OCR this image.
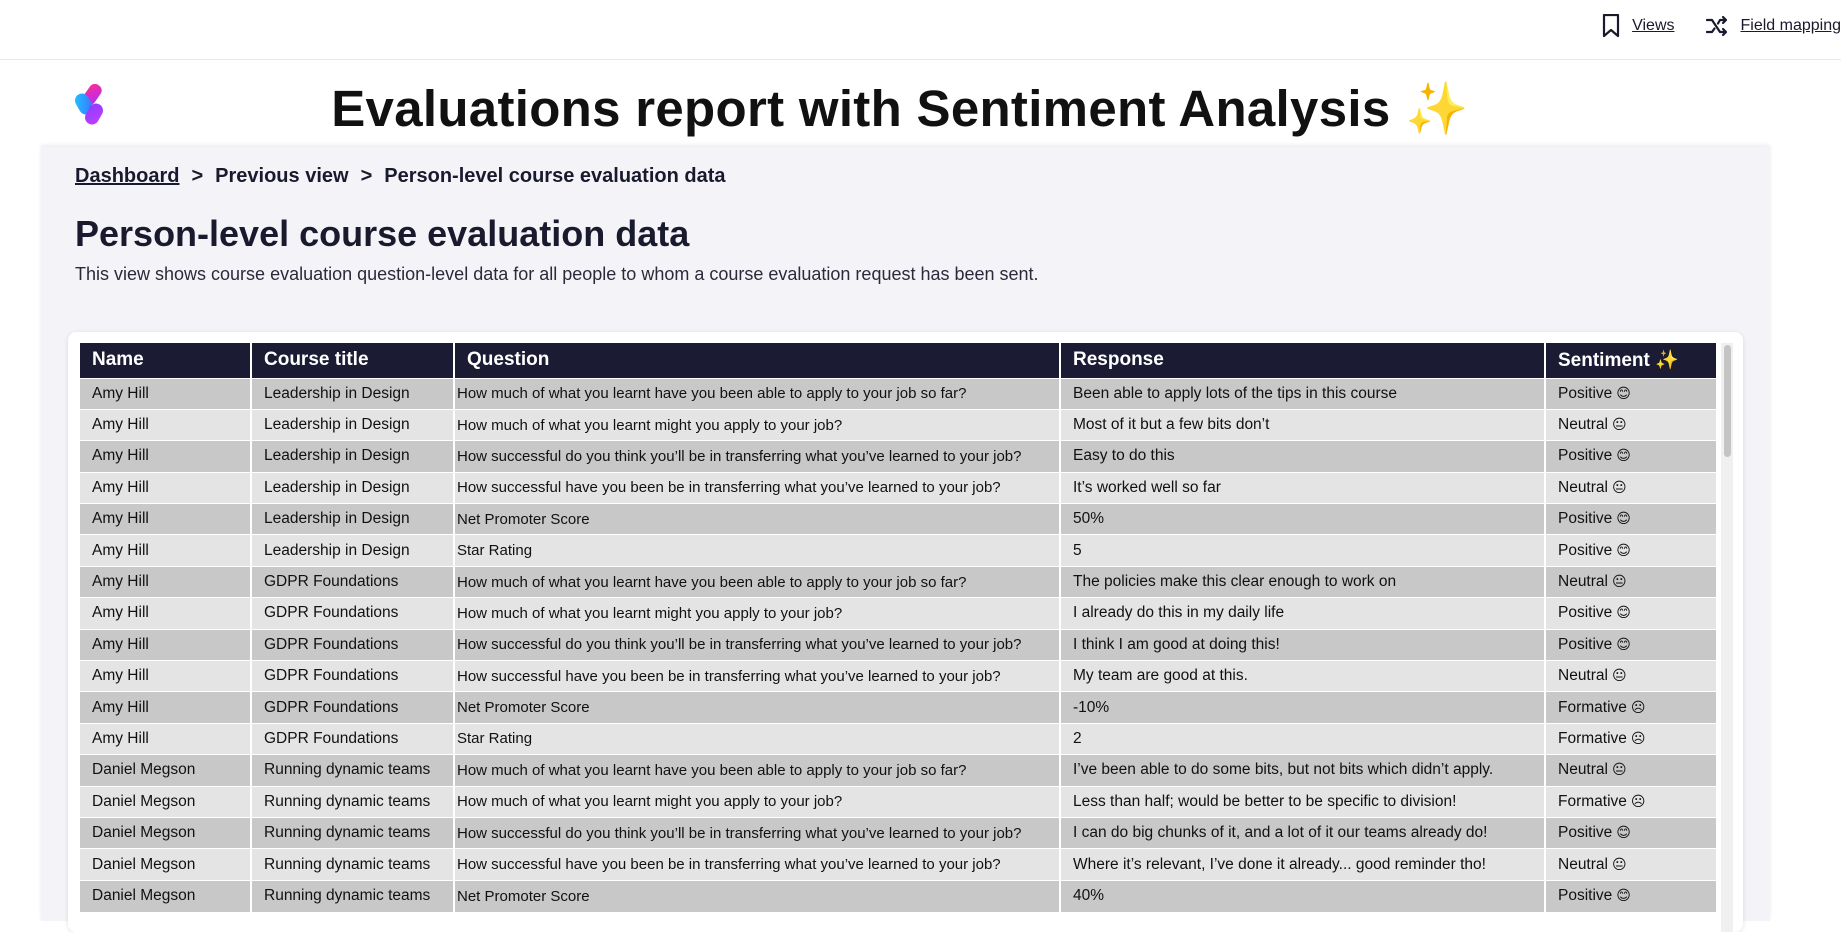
Views	Field mapping
Evaluations report with Sentiment Analysis ✨
Dashboard > Previous view > Person-level course evaluation data
Person-level course evaluation data

This view shows course evaluation question-level data for all people to whom a course evaluation request has been sent.

Name	Course title	Question	Response	Sentiment ✨
Amy Hill	Leadership in Design	How much of what you learnt have you been able to apply to your job so far?	Been able to apply lots of the tips in this course	Positive 😊
Amy Hill	Leadership in Design	How much of what you learnt might you apply to your job?	Most of it but a few bits don’t	Neutral 😐
Amy Hill	Leadership in Design	How successful do you think you’ll be in transferring what you’ve learned to your job?	Easy to do this	Positive 😊
Amy Hill	Leadership in Design	How successful have you been be in transferring what you’ve learned to your job?	It’s worked well so far	Neutral 😐
Amy Hill	Leadership in Design	Net Promoter Score	50%	Positive 😊
Amy Hill	Leadership in Design	Star Rating	5	Positive 😊
Amy Hill	GDPR Foundations	How much of what you learnt have you been able to apply to your job so far?	The policies make this clear enough to work on	Neutral 😐
Amy Hill	GDPR Foundations	How much of what you learnt might you apply to your job?	I already do this in my daily life	Positive 😊
Amy Hill	GDPR Foundations	How successful do you think you’ll be in transferring what you’ve learned to your job?	I think I am good at doing this!	Positive 😊
Amy Hill	GDPR Foundations	How successful have you been be in transferring what you’ve learned to your job?	My team are good at this.	Neutral 😐
Amy Hill	GDPR Foundations	Net Promoter Score	-10%	Formative ☹
Amy Hill	GDPR Foundations	Star Rating	2	Formative ☹
Daniel Megson	Running dynamic teams	How much of what you learnt have you been able to apply to your job so far?	I’ve been able to do some bits, but not bits which didn’t apply.	Neutral 😐
Daniel Megson	Running dynamic teams	How much of what you learnt might you apply to your job?	Less than half; would be better to be specific to division!	Formative ☹
Daniel Megson	Running dynamic teams	How successful do you think you’ll be in transferring what you’ve learned to your job?	I can do big chunks of it, and a lot of it our teams already do!	Positive 😊
Daniel Megson	Running dynamic teams	How successful have you been be in transferring what you’ve learned to your job?	Where it’s relevant, I’ve done it already... good reminder tho!	Neutral 😐
Daniel Megson	Running dynamic teams	Net Promoter Score	40%	Positive 😊
